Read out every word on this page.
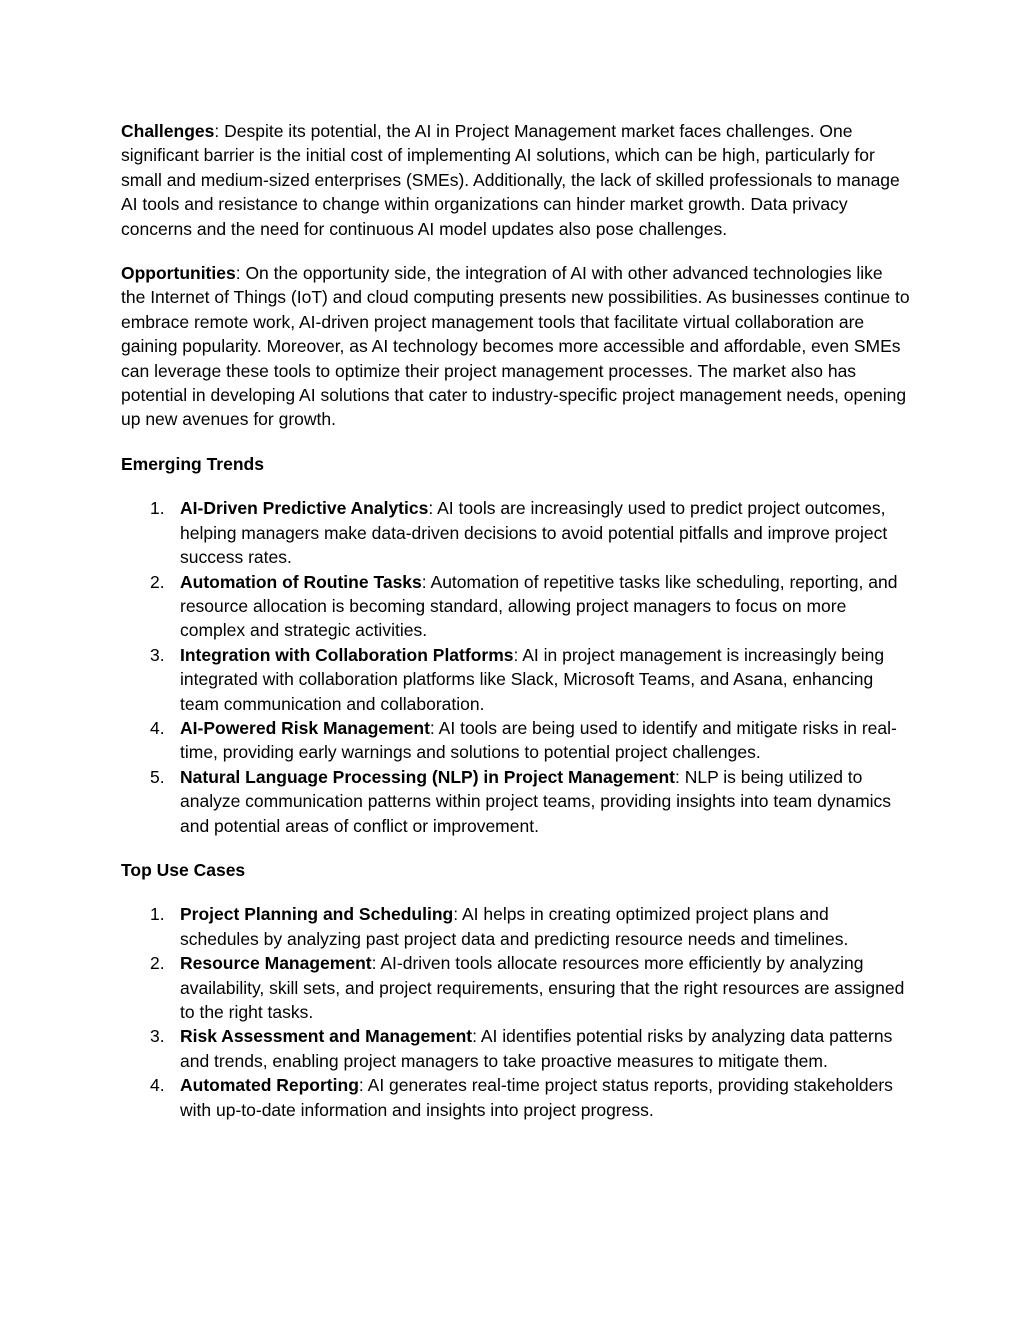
Challenges: Despite its potential, the AI in Project Management market faces challenges. One significant barrier is the initial cost of implementing AI solutions, which can be high, particularly for small and medium-sized enterprises (SMEs). Additionally, the lack of skilled professionals to manage AI tools and resistance to change within organizations can hinder market growth. Data privacy concerns and the need for continuous AI model updates also pose challenges.

Opportunities: On the opportunity side, the integration of AI with other advanced technologies like the Internet of Things (IoT) and cloud computing presents new possibilities. As businesses continue to embrace remote work, AI-driven project management tools that facilitate virtual collaboration are gaining popularity. Moreover, as AI technology becomes more accessible and affordable, even SMEs can leverage these tools to optimize their project management processes. The market also has potential in developing AI solutions that cater to industry-specific project management needs, opening up new avenues for growth.

Emerging Trends
1. AI-Driven Predictive Analytics: AI tools are increasingly used to predict project outcomes, helping managers make data-driven decisions to avoid potential pitfalls and improve project success rates.
2. Automation of Routine Tasks: Automation of repetitive tasks like scheduling, reporting, and resource allocation is becoming standard, allowing project managers to focus on more complex and strategic activities.
3. Integration with Collaboration Platforms: AI in project management is increasingly being integrated with collaboration platforms like Slack, Microsoft Teams, and Asana, enhancing team communication and collaboration.
4. AI-Powered Risk Management: AI tools are being used to identify and mitigate risks in real-time, providing early warnings and solutions to potential project challenges.
5. Natural Language Processing (NLP) in Project Management: NLP is being utilized to analyze communication patterns within project teams, providing insights into team dynamics and potential areas of conflict or improvement.
Top Use Cases
1. Project Planning and Scheduling: AI helps in creating optimized project plans and schedules by analyzing past project data and predicting resource needs and timelines.
2. Resource Management: AI-driven tools allocate resources more efficiently by analyzing availability, skill sets, and project requirements, ensuring that the right resources are assigned to the right tasks.
3. Risk Assessment and Management: AI identifies potential risks by analyzing data patterns and trends, enabling project managers to take proactive measures to mitigate them.
4. Automated Reporting: AI generates real-time project status reports, providing stakeholders with up-to-date information and insights into project progress.
